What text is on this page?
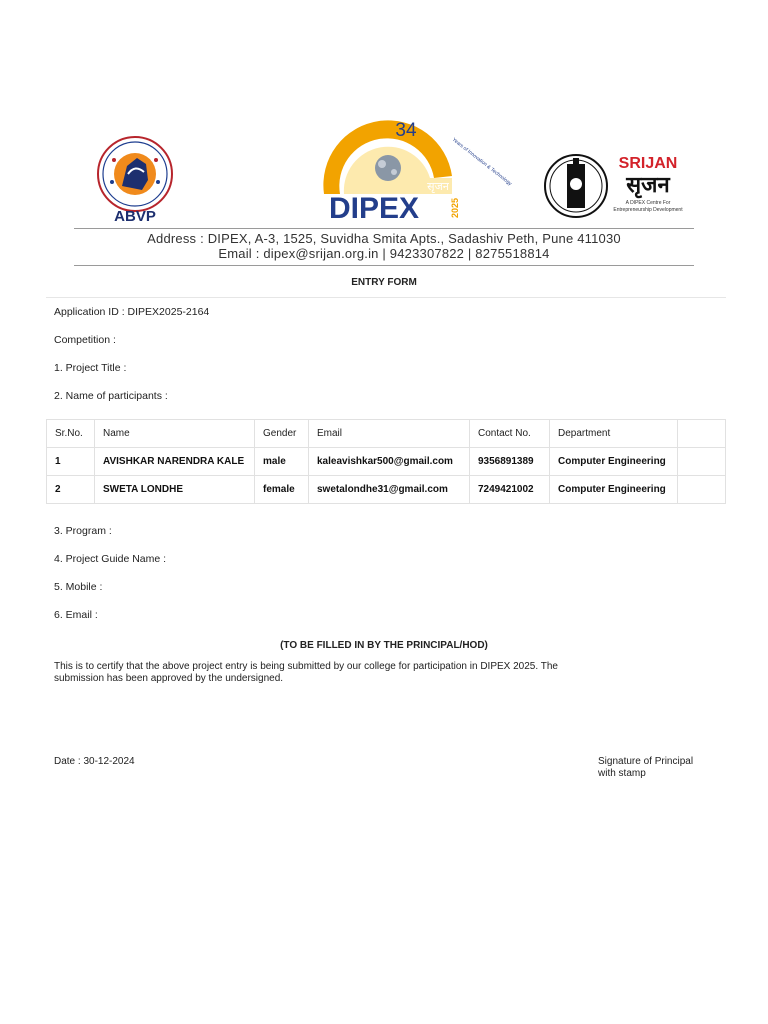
ABVP
34
Years of Innovation & Technology
सृजन
DIPEX	2025
SRIJAN
सृजन
A DIPEX Centre For
Entrepreneurship Development
Address : DIPEX, A-3, 1525, Suvidha Smita Apts., Sadashiv Peth, Pune 411030
Email : dipex@srijan.org.in | 9423307822 | 8275518814
ENTRY FORM
Application ID : DIPEX2025-2164
Competition :
1. Project Title :
2. Name of participants :
Sr.No.	Name	Gender	Email	Contact No.	Department	
1	AVISHKAR NARENDRA KALE	male	kaleavishkar500@gmail.com	9356891389	Computer Engineering	
2	SWETA LONDHE	female	swetalondhe31@gmail.com	7249421002	Computer Engineering	
3. Program :
4. Project Guide Name :
5. Mobile :
6. Email :
(TO BE FILLED IN BY THE PRINCIPAL/HOD)
This is to certify that the above project entry is being submitted by our college for participation in DIPEX 2025. The submission has been approved by the undersigned.
Date : 30-12-2024	Signature of Principal
with stamp
